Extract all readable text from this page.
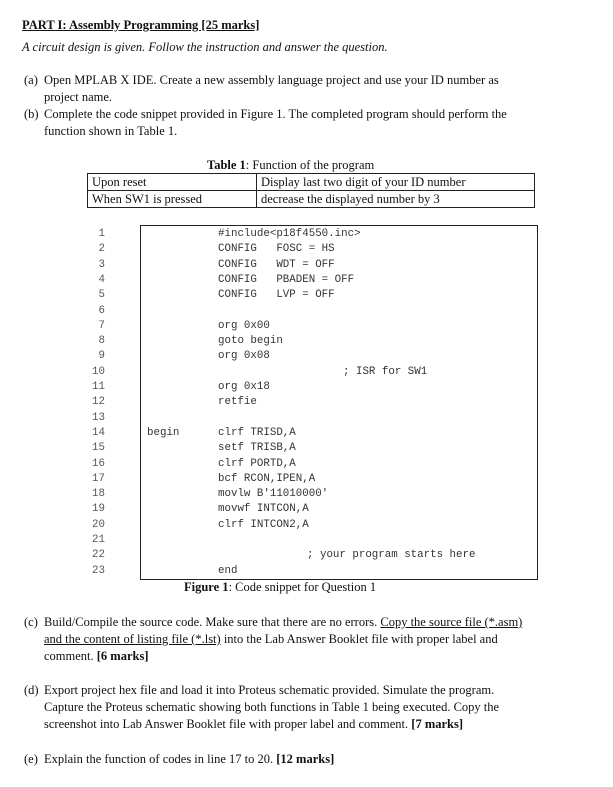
PART I: Assembly Programming [25 marks]
A circuit design is given. Follow the instruction and answer the question.
(a) Open MPLAB X IDE. Create a new assembly language project and use your ID number as
project name.
(b) Complete the code snippet provided in Figure 1. The completed program should perform the
function shown in Table 1.
Table 1: Function of the program
Upon reset	Display last two digit of your ID number
When SW1 is pressed	decrease the displayed number by 3
1	#include<p18f4550.inc>
2	CONFIG   FOSC = HS
3	CONFIG   WDT = OFF
4	CONFIG   PBADEN = OFF
5	CONFIG   LVP = OFF
6
7	org 0x00
8	goto begin
9	org 0x08
10	; ISR for SW1
11	org 0x18
12	retfie
13
14	begin	clrf TRISD,A
15	setf TRISB,A
16	clrf PORTD,A
17	bcf RCON,IPEN,A
18	movlw B'11010000'
19	movwf INTCON,A
20	clrf INTCON2,A
21
22	; your program starts here
23	end
Figure 1: Code snippet for Question 1
(c) Build/Compile the source code. Make sure that there are no errors. Copy the source file (*.asm)
and the content of listing file (*.lst) into the Lab Answer Booklet file with proper label and
comment. [6 marks]
(d) Export project hex file and load it into Proteus schematic provided. Simulate the program.
Capture the Proteus schematic showing both functions in Table 1 being executed. Copy the
screenshot into Lab Answer Booklet file with proper label and comment. [7 marks]
(e) Explain the function of codes in line 17 to 20. [12 marks]
